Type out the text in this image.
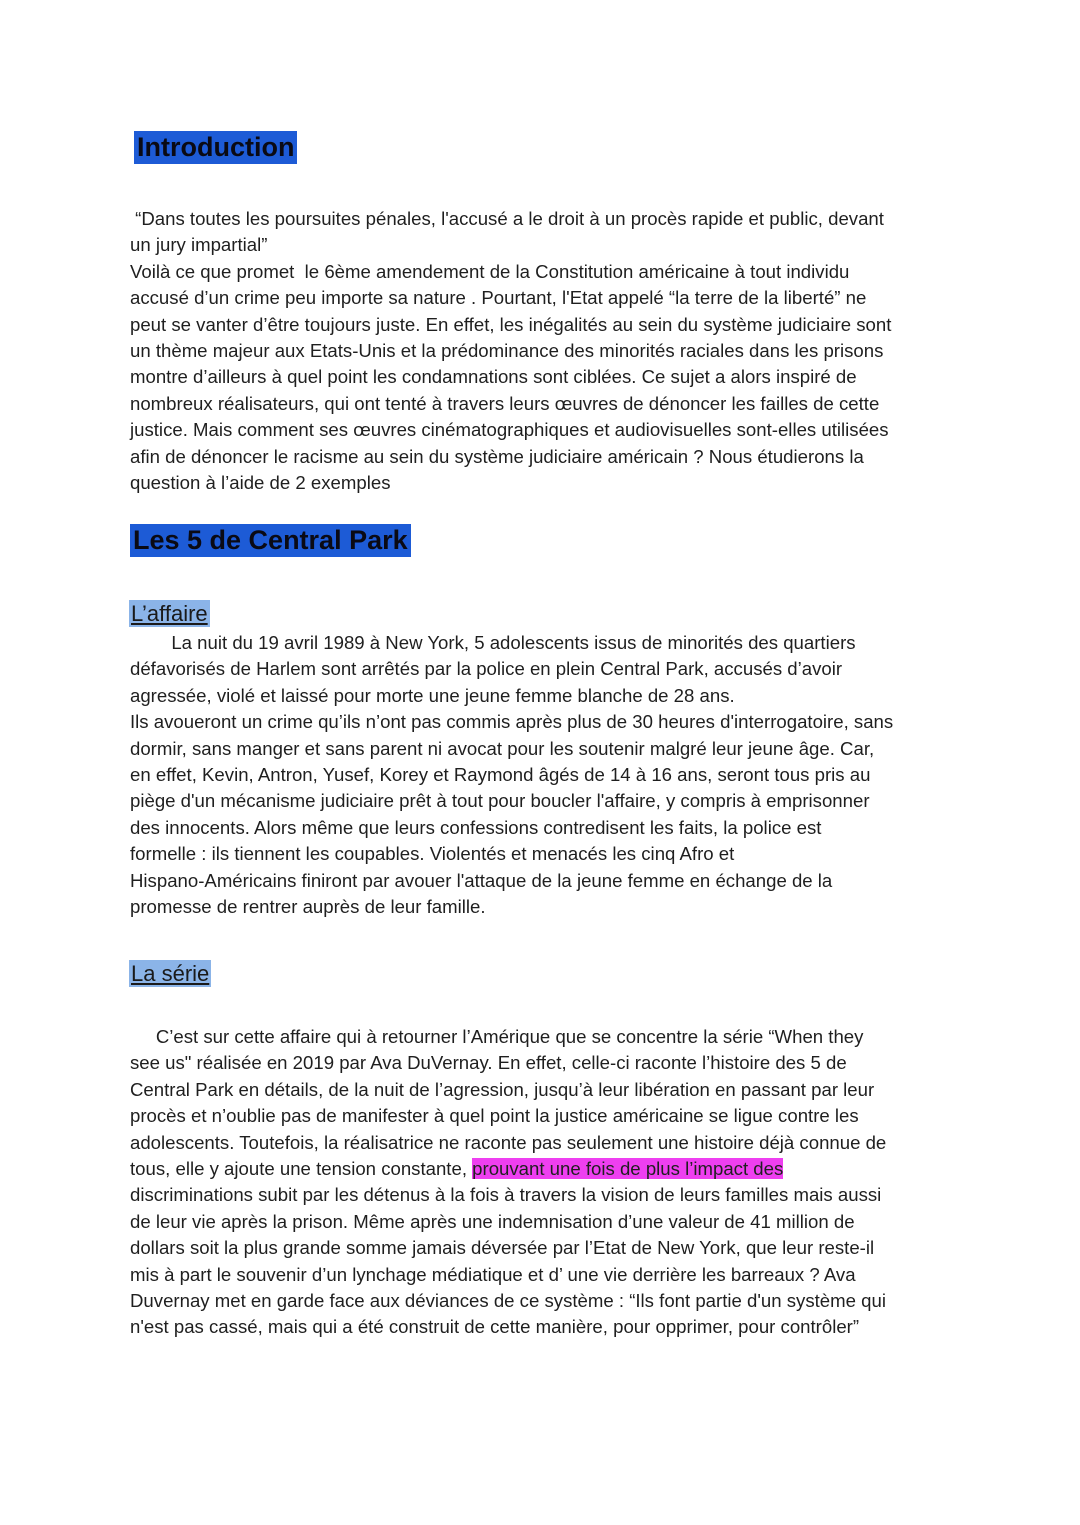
Introduction
“Dans toutes les poursuites pénales, l'accusé a le droit à un procès rapide et public, devant
un jury impartial”
Voilà ce que promet  le 6ème amendement de la Constitution américaine à tout individu
accusé d’un crime peu importe sa nature . Pourtant, l'Etat appelé “la terre de la liberté” ne
peut se vanter d’être toujours juste. En effet, les inégalités au sein du système judiciaire sont
un thème majeur aux Etats-Unis et la prédominance des minorités raciales dans les prisons
montre d’ailleurs à quel point les condamnations sont ciblées. Ce sujet a alors inspiré de
nombreux réalisateurs, qui ont tenté à travers leurs œuvres de dénoncer les failles de cette
justice. Mais comment ses œuvres cinématographiques et audiovisuelles sont-elles utilisées
afin de dénoncer le racisme au sein du système judiciaire américain ? Nous étudierons la
question à l’aide de 2 exemples
Les 5 de Central Park
L’affaire
La nuit du 19 avril 1989 à New York, 5 adolescents issus de minorités des quartiers
défavorisés de Harlem sont arrêtés par la police en plein Central Park, accusés d’avoir
agressée, violé et laissé pour morte une jeune femme blanche de 28 ans.
Ils avoueront un crime qu’ils n’ont pas commis après plus de 30 heures d'interrogatoire, sans
dormir, sans manger et sans parent ni avocat pour les soutenir malgré leur jeune âge. Car,
en effet, Kevin, Antron, Yusef, Korey et Raymond âgés de 14 à 16 ans, seront tous pris au
piège d'un mécanisme judiciaire prêt à tout pour boucler l'affaire, y compris à emprisonner
des innocents. Alors même que leurs confessions contredisent les faits, la police est
formelle : ils tiennent les coupables. Violentés et menacés les cinq Afro et
Hispano-Américains finiront par avouer l'attaque de la jeune femme en échange de la
promesse de rentrer auprès de leur famille.
La série
C’est sur cette affaire qui à retourner l’Amérique que se concentre la série “When they
see us" réalisée en 2019 par Ava DuVernay. En effet, celle-ci raconte l’histoire des 5 de
Central Park en détails, de la nuit de l’agression, jusqu’à leur libération en passant par leur
procès et n’oublie pas de manifester à quel point la justice américaine se ligue contre les
adolescents. Toutefois, la réalisatrice ne raconte pas seulement une histoire déjà connue de
tous, elle y ajoute une tension constante, prouvant une fois de plus l’impact des
discriminations subit par les détenus à la fois à travers la vision de leurs familles mais aussi
de leur vie après la prison. Même après une indemnisation d’une valeur de 41 million de
dollars soit la plus grande somme jamais déversée par l’Etat de New York, que leur reste-il
mis à part le souvenir d’un lynchage médiatique et d’ une vie derrière les barreaux ? Ava
Duvernay met en garde face aux déviances de ce système : “Ils font partie d'un système qui
n'est pas cassé, mais qui a été construit de cette manière, pour opprimer, pour contrôler”
